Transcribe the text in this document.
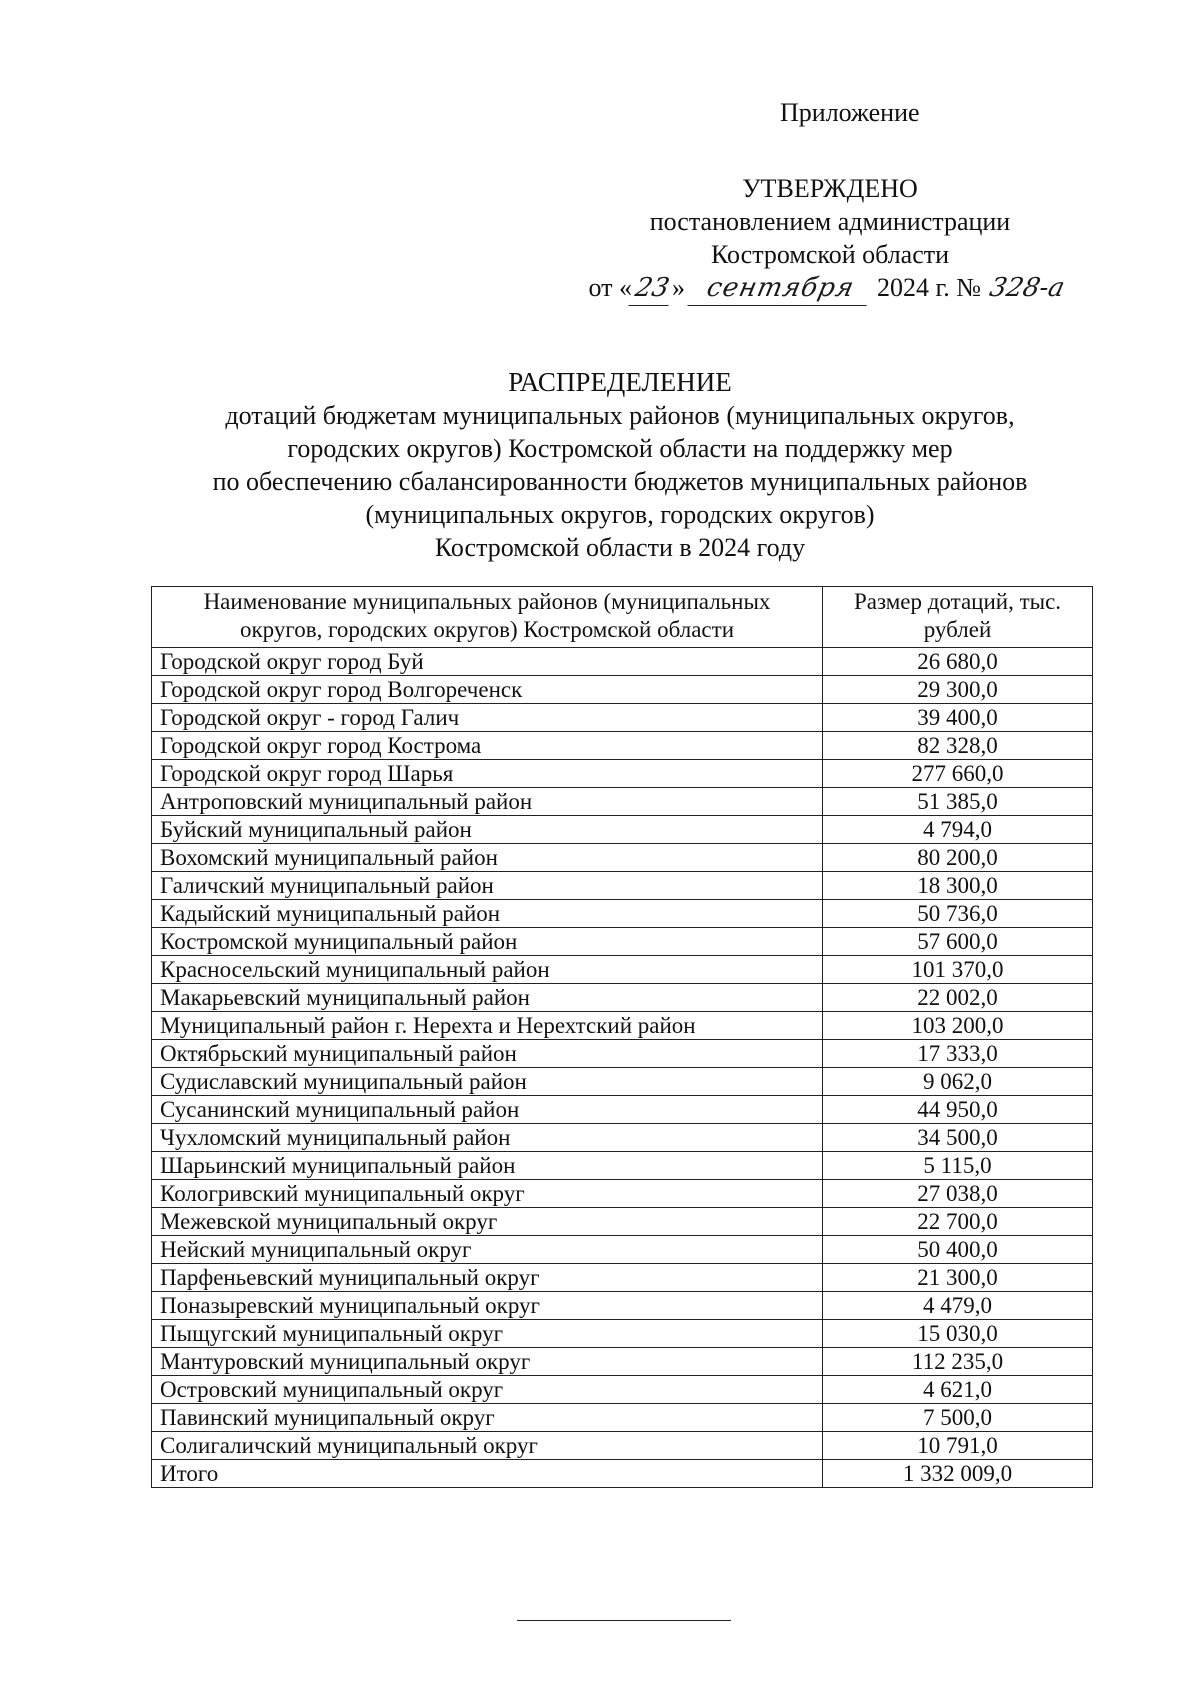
Приложение
УТВЕРЖДЕНО
постановлением администрации
Костромской области
от «23» сентября 2024 г. № 328-а
РАСПРЕДЕЛЕНИЕ
дотаций бюджетам муниципальных районов (муниципальных округов,
городских округов) Костромской области на поддержку мер
по обеспечению сбалансированности бюджетов муниципальных районов
(муниципальных округов, городских округов)
Костромской области в 2024 году
Наименование муниципальных районов (муниципальных округов, городских округов) Костромской области	Размер дотаций, тыс. рублей
Городской округ город Буй	26 680,0
Городской округ город Волгореченск	29 300,0
Городской округ - город Галич	39 400,0
Городской округ город Кострома	82 328,0
Городской округ город Шарья	277 660,0
Антроповский муниципальный район	51 385,0
Буйский муниципальный район	4 794,0
Вохомский муниципальный район	80 200,0
Галичский муниципальный район	18 300,0
Кадыйский муниципальный район	50 736,0
Костромской муниципальный район	57 600,0
Красносельский муниципальный район	101 370,0
Макарьевский муниципальный район	22 002,0
Муниципальный район г. Нерехта и Нерехтский район	103 200,0
Октябрьский муниципальный район	17 333,0
Судиславский муниципальный район	9 062,0
Сусанинский муниципальный район	44 950,0
Чухломский муниципальный район	34 500,0
Шарьинский муниципальный район	5 115,0
Кологривский муниципальный округ	27 038,0
Межевской муниципальный округ	22 700,0
Нейский муниципальный округ	50 400,0
Парфеньевский муниципальный округ	21 300,0
Поназыревский муниципальный округ	4 479,0
Пыщугский муниципальный округ	15 030,0
Мантуровский муниципальный округ	112 235,0
Островский муниципальный округ	4 621,0
Павинский муниципальный округ	7 500,0
Солигаличский муниципальный округ	10 791,0
Итого	1 332 009,0
